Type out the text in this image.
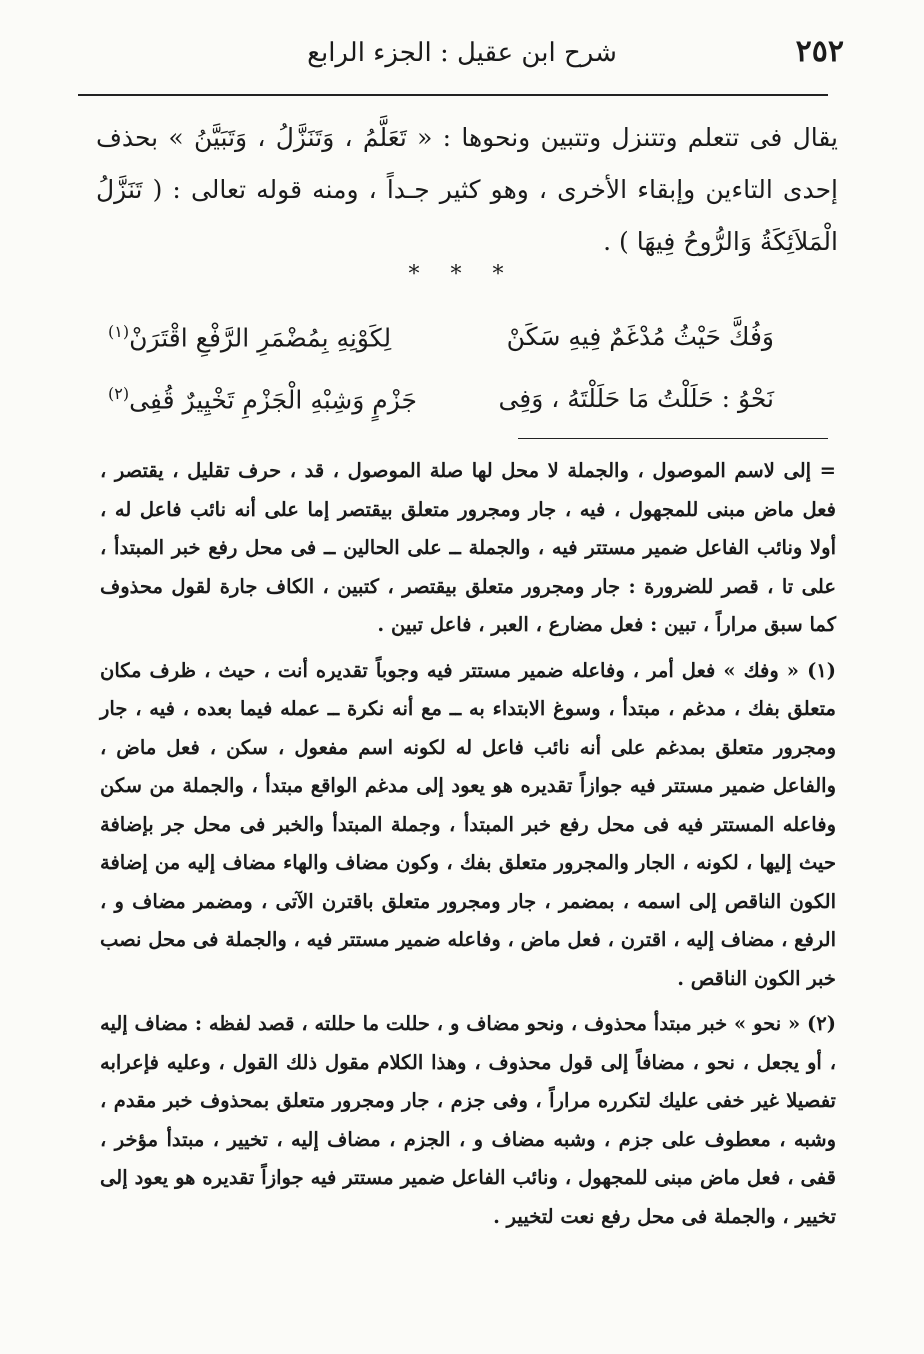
٢٥٢
شرح ابن عقيل : الجزء الرابع
يقال فى تتعلم وتتنزل وتتبين ونحوها : « تَعَلَّمُ ، وَتَنَزَّلُ ، وَتَبَيَّنُ » بحذف إحدى التاءين وإبقاء الأخرى ، وهو كثير جـداً ، ومنه قوله تعالى : ( تَنَزَّلُ الْمَلاَئِكَةُ وَالرُّوحُ فِيهَا ) .
* * *
وَفُكَّ حَيْثُ مُدْغَمٌ فِيهِ سَكَنْ
لِكَوْنِهِ بِمُضْمَرِ الرَّفْعِ اقْتَرَنْ$^{(١)}$
نَحْوُ : حَلَلْتُ مَا حَلَلْتَهُ ، وَفِى
جَزْمٍ وَشِبْهِ الْجَزْمِ تَخْيِيرٌ قُفِى$^{(٢)}$

= إلى لاسم الموصول ، والجملة لا محل لها صلة الموصول ، قد ، حرف تقليل ، يقتصر ، فعل ماض مبنى للمجهول ، فيه ، جار ومجرور متعلق بيقتصر إما على أنه نائب فاعل له ، أولا ونائب الفاعل ضمير مستتر فيه ، والجملة ــ على الحالين ــ فى محل رفع خبر المبتدأ ، على تا ، قصر للضرورة : جار ومجرور متعلق بيقتصر ، كتبين ، الكاف جارة لقول محذوف كما سبق مراراً ، تبين : فعل مضارع ، العبر ، فاعل تبين .

(١) « وفك » فعل أمر ، وفاعله ضمير مستتر فيه وجوباً تقديره أنت ، حيث ، ظرف مكان متعلق بفك ، مدغم ، مبتدأ ، وسوغ الابتداء به ــ مع أنه نكرة ــ عمله فيما بعده ، فيه ، جار ومجرور متعلق بمدغم على أنه نائب فاعل له لكونه اسم مفعول ، سكن ، فعل ماض ، والفاعل ضمير مستتر فيه جوازاً تقديره هو يعود إلى مدغم الواقع مبتدأ ، والجملة من سكن وفاعله المستتر فيه فى محل رفع خبر المبتدأ ، وجملة المبتدأ والخبر فى محل جر بإضافة حيث إليها ، لكونه ، الجار والمجرور متعلق بفك ، وكون مضاف والهاء مضاف إليه من إضافة الكون الناقص إلى اسمه ، بمضمر ، جار ومجرور متعلق باقترن الآتى ، ومضمر مضاف و ، الرفع ، مضاف إليه ، اقترن ، فعل ماض ، وفاعله ضمير مستتر فيه ، والجملة فى محل نصب خبر الكون الناقص .

(٢) « نحو » خبر مبتدأ محذوف ، ونحو مضاف و ، حللت ما حللته ، قصد لفظه : مضاف إليه ، أو يجعل ، نحو ، مضافاً إلى قول محذوف ، وهذا الكلام مقول ذلك القول ، وعليه فإعرابه تفصيلا غير خفى عليك لتكرره مراراً ، وفى جزم ، جار ومجرور متعلق بمحذوف خبر مقدم ، وشبه ، معطوف على جزم ، وشبه مضاف و ، الجزم ، مضاف إليه ، تخيير ، مبتدأ مؤخر ، قفى ، فعل ماض مبنى للمجهول ، ونائب الفاعل ضمير مستتر فيه جوازاً تقديره هو يعود إلى تخيير ، والجملة فى محل رفع نعت لتخيير .
